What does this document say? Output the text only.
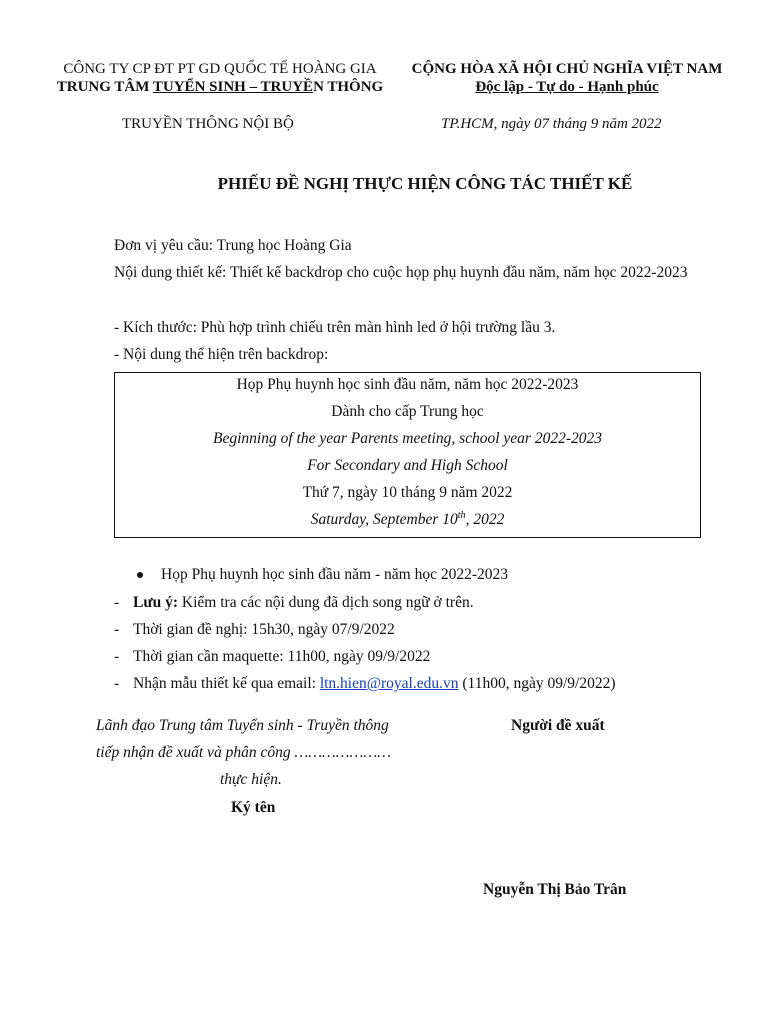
CÔNG TY CP ĐT PT GD QUỐC TẾ HOÀNG GIA
TRUNG TÂM TUYỂN SINH – TRUYỀN THÔNG
CỘNG HÒA XÃ HỘI CHỦ NGHĨA VIỆT NAM
Độc lập - Tự do - Hạnh phúc
TRUYỀN THÔNG NỘI BỘ	TP.HCM, ngày 07 tháng 9 năm 2022
PHIẾU ĐỀ NGHỊ THỰC HIỆN CÔNG TÁC THIẾT KẾ
Đơn vị yêu cầu: Trung học Hoàng Gia
Nội dung thiết kế: Thiết kế backdrop cho cuộc họp phụ huynh đầu năm, năm học 2022-2023
- Kích thước: Phù hợp trình chiếu trên màn hình led ở hội trường lầu 3.
- Nội dung thể hiện trên backdrop:
Họp Phụ huynh học sinh đầu năm, năm học 2022-2023
Dành cho cấp Trung học
Beginning of the year Parents meeting, school year 2022-2023
For Secondary and High School
Thứ 7, ngày 10 tháng 9 năm 2022
Saturday, September 10th, 2022
Họp Phụ huynh học sinh đầu năm - năm học 2022-2023
- Lưu ý: Kiểm tra các nội dung đã dịch song ngữ ở trên.
- Thời gian đề nghị: 15h30, ngày 07/9/2022
- Thời gian cần maquette: 11h00, ngày 09/9/2022
- Nhận mẫu thiết kế qua email: ltn.hien@royal.edu.vn (11h00, ngày 09/9/2022)
Lãnh đạo Trung tâm Tuyển sinh - Truyền thông
tiếp nhận đề xuất và phân công …………………
thực hiện.
Ký tên
Người đề xuất
Nguyễn Thị Bảo Trân
